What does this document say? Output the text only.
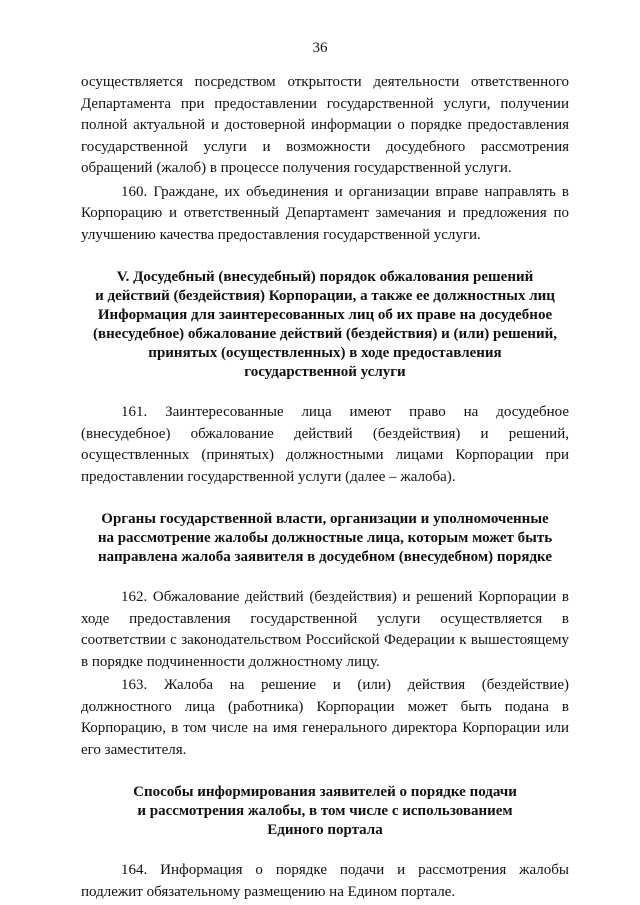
36

осуществляется посредством открытости деятельности ответственного Департамента при предоставлении государственной услуги, получении полной актуальной и достоверной информации о порядке предоставления государственной услуги и возможности досудебного рассмотрения обращений (жалоб) в процессе получения государственной услуги.

160. Граждане, их объединения и организации вправе направлять в Корпорацию и ответственный Департамент замечания и предложения по улучшению качества предоставления государственной услуги.

V. Досудебный (внесудебный) порядок обжалования решений
и действий (бездействия) Корпорации, а также ее должностных лиц
Информация для заинтересованных лиц об их праве на досудебное
(внесудебное) обжалование действий (бездействия) и (или) решений,
принятых (осуществленных) в ходе предоставления
государственной услуги

161. Заинтересованные лица имеют право на досудебное (внесудебное) обжалование действий (бездействия) и решений, осуществленных (принятых) должностными лицами Корпорации при предоставлении государственной услуги (далее – жалоба).

Органы государственной власти, организации и уполномоченные
на рассмотрение жалобы должностные лица, которым может быть
направлена жалоба заявителя в досудебном (внесудебном) порядке

162. Обжалование действий (бездействия) и решений Корпорации в ходе предоставления государственной услуги осуществляется в соответствии с законодательством Российской Федерации к вышестоящему в порядке подчиненности должностному лицу.

163. Жалоба на решение и (или) действия (бездействие) должностного лица (работника) Корпорации может быть подана в Корпорацию, в том числе на имя генерального директора Корпорации или его заместителя.

Способы информирования заявителей о порядке подачи
и рассмотрения жалобы, в том числе с использованием
Единого портала

164. Информация о порядке подачи и рассмотрения жалобы подлежит обязательному размещению на Едином портале.
